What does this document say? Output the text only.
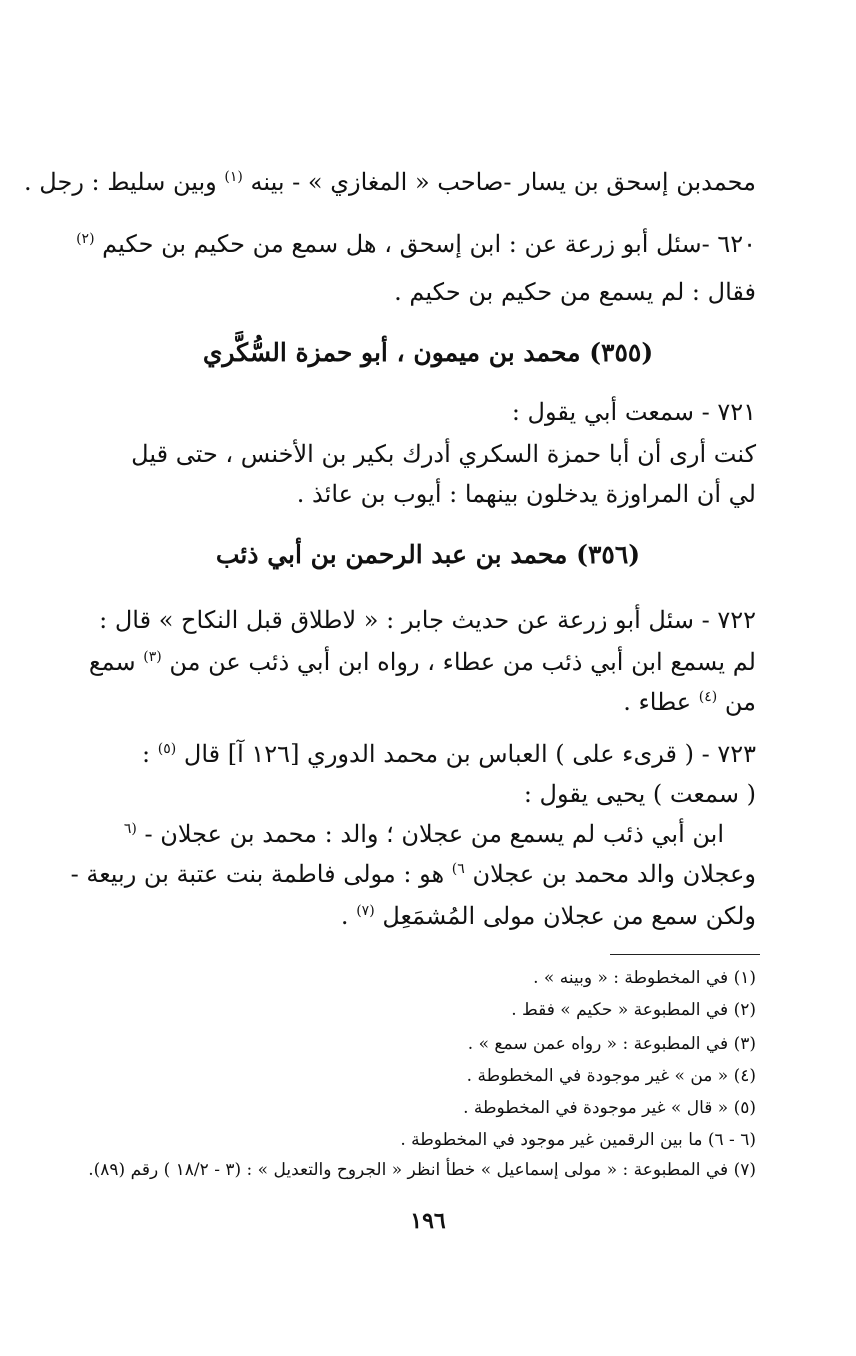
محمدبن إسحق بن يسار -صاحب « المغازي » - بينه $^{(١)}$ وبين سليط : رجل .
٦٢٠ -سئل أبو زرعة عن : ابن إسحق ، هل سمع من حكيم بن حكيم $^{(٢)}$
فقال : لم يسمع من حكيم بن حكيم .
(٣٥٥) محمد بن ميمون ، أبو حمزة السُّكَّري
٧٢١ - سمعت أبي يقول :
كنت أرى أن أبا حمزة السكري أدرك بكير بن الأخنس ، حتى قيل
لي أن المراوزة يدخلون بينهما : أيوب بن عائذ .
(٣٥٦) محمد بن عبد الرحمن بن أبي ذئب
٧٢٢ - سئل أبو زرعة عن حديث جابر : « لاطلاق قبل النكاح » قال :
لم يسمع ابن أبي ذئب من عطاء ، رواه ابن أبي ذئب عن من $^{(٣)}$ سمع
من $^{(٤)}$ عطاء .
٧٢٣ - ( قرىء على ) العباس بن محمد الدوري [١٢٦ آ] قال $^{(٥)}$ :
( سمعت ) يحيى يقول :
ابن أبي ذئب لم يسمع من عجلان ؛ والد : محمد بن عجلان - $^{(٦}$
وعجلان والد محمد بن عجلان $^{٦)}$ هو : مولى فاطمة بنت عتبة بن ربيعة -
ولكن سمع من عجلان مولى المُشمَعِل $^{(٧)}$ .
(١) في المخطوطة : « وبينه » .
(٢) في المطبوعة « حكيم » فقط .
(٣) في المطبوعة : « رواه عمن سمع » .
(٤) « من » غير موجودة في المخطوطة .
(٥) « قال » غير موجودة في المخطوطة .
(٦ - ٦) ما بين الرقمين غير موجود في المخطوطة .
(٧) في المطبوعة : « مولى إسماعيل » خطأ انظر « الجروح والتعديل » : (٣ - ١٨/٢ ) رقم (٨٩).
١٩٦
